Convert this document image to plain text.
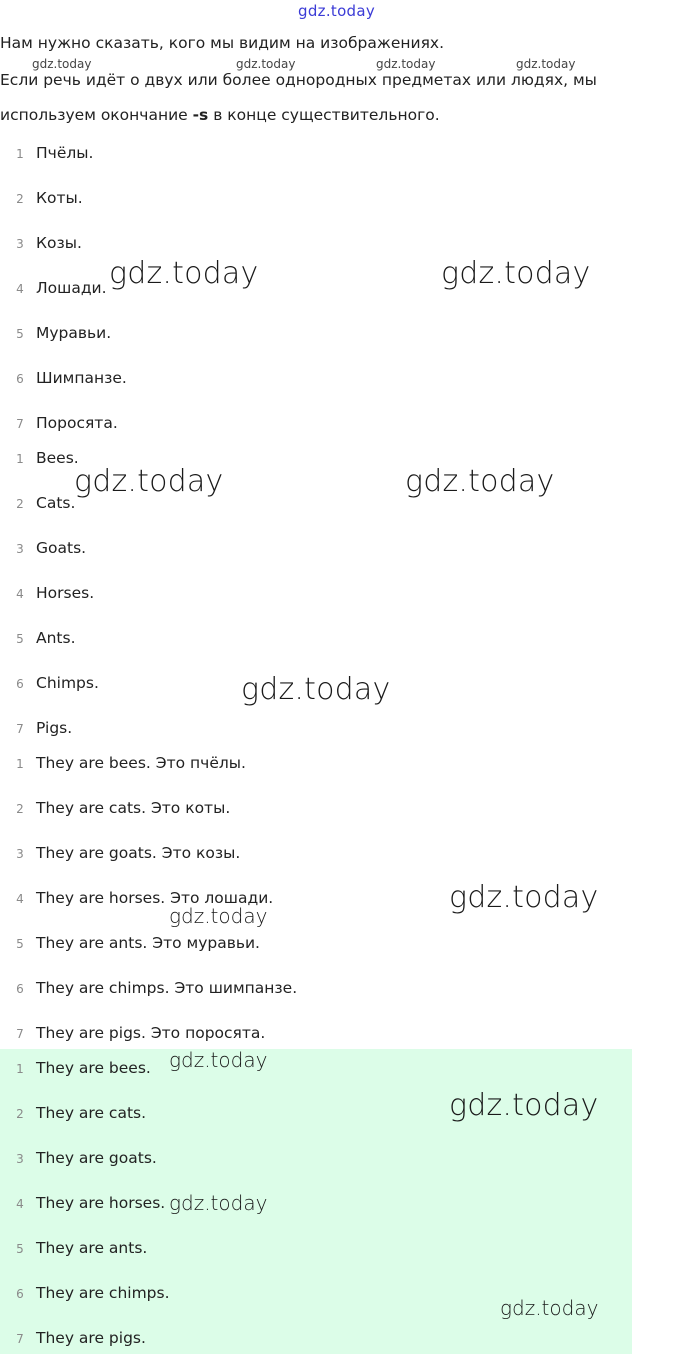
gdz.today
Нам нужно сказать, кого мы видим на изображениях.
gdz.today	gdz.today	gdz.today	gdz.today
Если речь идёт о двух или более однородных предметах или людях, мы
используем окончание -s в конце существительного.
1 Пчёлы.
2 Коты.
3 Козы.
4 Лошади.
5 Муравьи.
6 Шимпанзе.
7 Поросята.
1 Bees.
2 Cats.
3 Goats.
4 Horses.
5 Ants.
6 Chimps.
7 Pigs.
1 They are bees. Это пчёлы.
2 They are cats. Это коты.
3 They are goats. Это козы.
4 They are horses. Это лошади.
5 They are ants. Это муравьи.
6 They are chimps. Это шимпанзе.
7 They are pigs. Это поросята.
1 They are bees.
2 They are cats.
3 They are goats.
4 They are horses.
5 They are ants.
6 They are chimps.
7 They are pigs.
gdz.today	gdz.today
gdz.today	gdz.today
gdz.today
gdz.today
gdz.today
gdz.today
gdz.today
gdz.today
gdz.today
